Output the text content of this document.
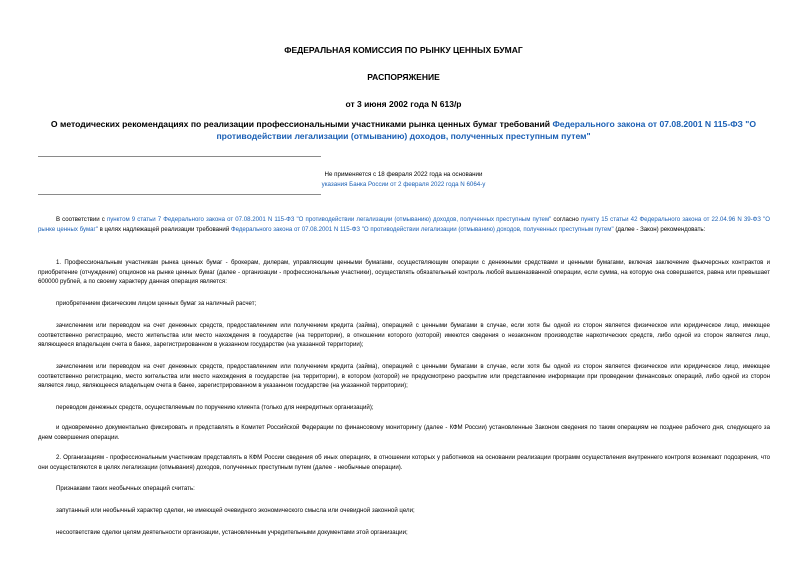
ФЕДЕРАЛЬНАЯ КОМИССИЯ ПО РЫНКУ ЦЕННЫХ БУМАГ
РАСПОРЯЖЕНИЕ
от 3 июня 2002 года N 613/р
О методических рекомендациях по реализации профессиональными участниками рынка ценных бумаг требований Федерального закона от 07.08.2001 N 115-ФЗ "О противодействии легализации (отмыванию) доходов, полученных преступным путем"
Не применяется с 18 февраля 2022 года на основании
указания Банка России от 2 февраля 2022 года N 6064-у
В соответствии с пунктом 9 статьи 7 Федерального закона от 07.08.2001 N 115-ФЗ "О противодействии легализации (отмыванию) доходов, полученных преступным путем" согласно пункту 15 статьи 42 Федерального закона от 22.04.96 N 39-ФЗ "О рынке ценных бумаг" в целях надлежащей реализации требований Федерального закона от 07.08.2001 N 115-ФЗ "О противодействии легализации (отмыванию) доходов, полученных преступным путем" (далее - Закон) рекомендовать:
1. Профессиональным участникам рынка ценных бумаг - брокерам, дилерам, управляющим ценными бумагами, осуществляющим операции с денежными средствами и ценными бумагами, включая заключение фьючерсных контрактов и приобретение (отчуждение) опционов на рынке ценных бумаг (далее - организации - профессиональные участники), осуществлять обязательный контроль любой вышеназванной операции, если сумма, на которую она совершается, равна или превышает 600000 рублей, а по своему характеру данная операция является:
приобретением физическим лицом ценных бумаг за наличный расчет;
зачислением или переводом на счет денежных средств, предоставлением или получением кредита (займа), операцией с ценными бумагами в случае, если хотя бы одной из сторон является физическое или юридическое лицо, имеющее соответственно регистрацию, место жительства или место нахождения в государстве (на территории), в отношении которого (которой) имеются сведения о незаконном производстве наркотических средств, либо одной из сторон является лицо, являющееся владельцем счета в банке, зарегистрированном в указанном государстве (на указанной территории);
зачислением или переводом на счет денежных средств, предоставлением или получением кредита (займа), операцией с ценными бумагами в случае, если хотя бы одной из сторон является физическое или юридическое лицо, имеющее соответственно регистрацию, место жительства или место нахождения в государстве (на территории), в котором (которой) не предусмотрено раскрытие или представление информации при проведении финансовых операций, либо одной из сторон является лицо, являющееся владельцем счета в банке, зарегистрированном в указанном государстве (на указанной территории);
переводом денежных средств, осуществляемым по поручению клиента (только для некредитных организаций);
и одновременно документально фиксировать и представлять в Комитет Российской Федерации по финансовому мониторингу (далее - КФМ России) установленные Законом сведения по таким операциям не позднее рабочего дня, следующего за днем совершения операции.
2. Организациям - профессиональным участникам представлять в КФМ России сведения об иных операциях, в отношении которых у работников на основании реализации программ осуществления внутреннего контроля возникают подозрения, что они осуществляются в целях легализации (отмывания) доходов, полученных преступным путем (далее - необычные операции).
Признаками таких необычных операций считать:
запутанный или необычный характер сделки, не имеющей очевидного экономического смысла или очевидной законной цели;
несоответствие сделки целям деятельности организации, установленным учредительными документами этой организации;
